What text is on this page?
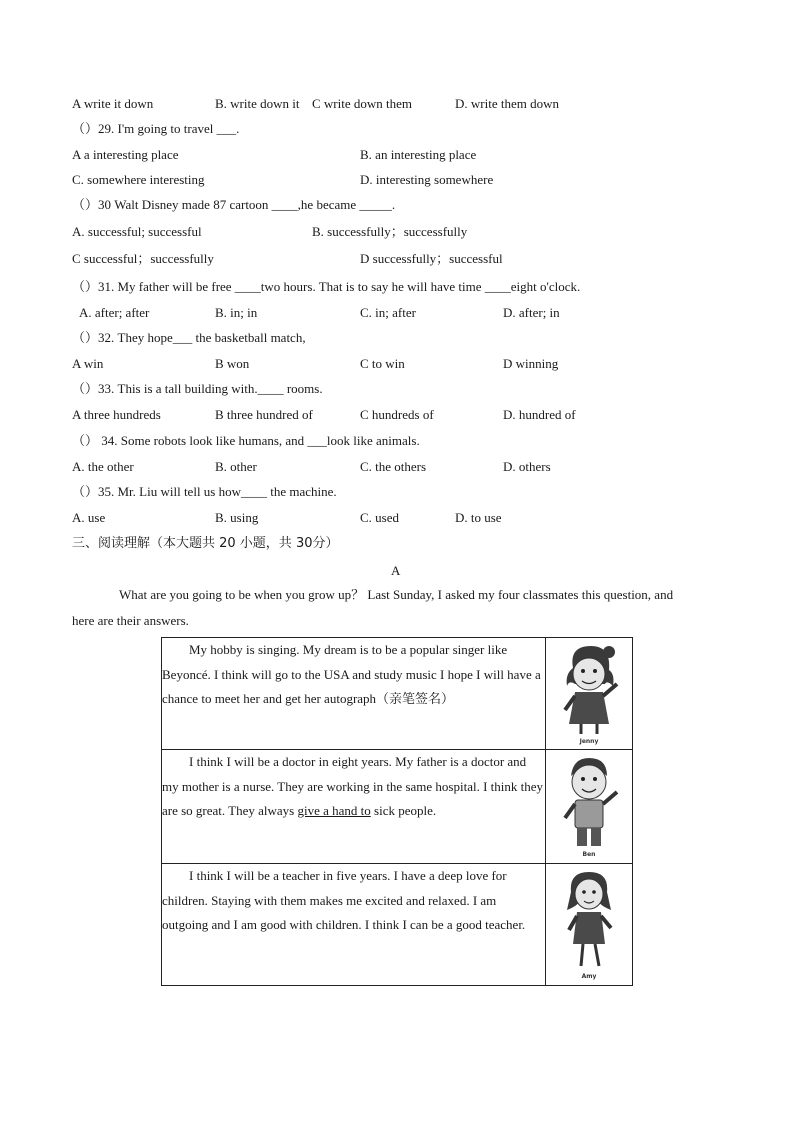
A write it down	B. write down it C write down them	D. write them down
（）29. I'm going to travel ___.
A a interesting place	B. an interesting place
C. somewhere interesting	D. interesting somewhere
（）30 Walt Disney made 87 cartoon ____,he became _____.
A. successful; successful	B. successfully；successfully
C successful；successfully	D successfully；successful
（）31. My father will be free ____two hours. That is to say he will have time ____eight o'clock.
A. after; after	B. in; in	C. in; after	D. after; in
（）32. They hope___ the basketball match,
A win	B won	C to win	D winning
（）33. This is a tall building with.____ rooms.
A three hundreds	B three hundred of	C hundreds of	D. hundred of
（） 34. Some robots look like humans, and ___look like animals.
A. the other	B. other	C. the others	D. others
（）35. Mr. Liu will tell us how____ the machine.
A. use	B. using	C. used	D. to use
三、阅读理解（本大题共 20 小题，共 30分）
A
What are you going to be when you grow up？ Last Sunday, I asked my four classmates this question, and
here are their answers.
My hobby is singing. My dream is to be a popular singer like Beyoncé. I think will go to the USA and study music I hope I will have a chance to meet her and get her autograph（亲笔签名）	Jenny

I think I will be a doctor in eight years. My father is a doctor and my mother is a nurse. They are working in the same hospital. I think they are so great. They always give a hand to sick people.	Ben

I think I will be a teacher in five years. I have a deep love for children. Staying with them makes me excited and relaxed. I am outgoing and I am good with children. I think I can be a good teacher.	Amy
